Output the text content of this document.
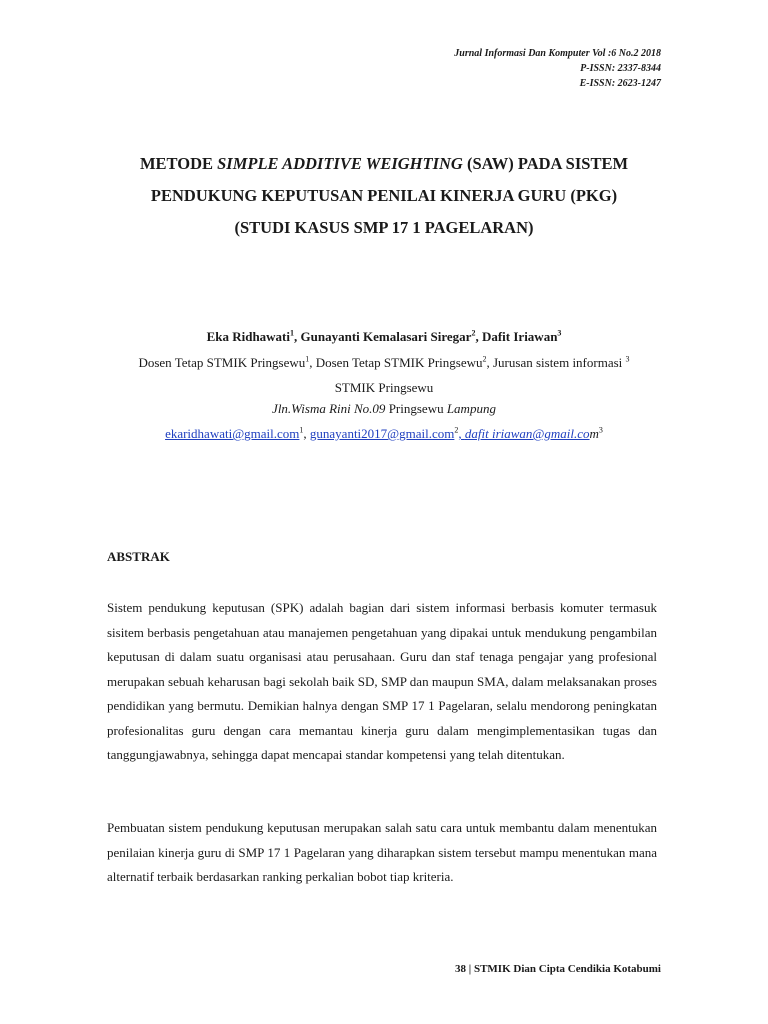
Jurnal Informasi Dan Komputer Vol :6 No.2 2018
P-ISSN: 2337-8344
E-ISSN: 2623-1247
METODE SIMPLE ADDITIVE WEIGHTING (SAW) PADA SISTEM
PENDUKUNG KEPUTUSAN PENILAI KINERJA GURU (PKG)
(STUDI KASUS SMP 17 1 PAGELARAN)
Eka Ridhawati$^1$, Gunayanti Kemalasari Siregar$^2$, Dafit Iriawan$^3$
Dosen Tetap STMIK Pringsewu$^1$, Dosen Tetap STMIK Pringsewu$^2$, Jurusan sistem informasi $^3$
STMIK Pringsewu
Jln.Wisma Rini No.09 Pringsewu Lampung
ekaridhawati@gmail.com$^1$, gunayanti2017@gmail.com$^2$, dafit iriawan@gmail.com$^3$
ABSTRAK
Sistem pendukung keputusan (SPK) adalah bagian dari sistem informasi berbasis komuter termasuk sisitem berbasis pengetahuan atau manajemen pengetahuan yang dipakai untuk mendukung pengambilan keputusan di dalam suatu organisasi atau perusahaan. Guru dan staf tenaga pengajar yang profesional merupakan sebuah keharusan bagi sekolah baik SD, SMP dan maupun SMA, dalam melaksanakan proses pendidikan yang bermutu. Demikian halnya dengan SMP 17 1 Pagelaran, selalu mendorong peningkatan profesionalitas guru dengan cara memantau kinerja guru dalam mengimplementasikan tugas dan tanggungjawabnya, sehingga dapat mencapai standar kompetensi yang telah ditentukan.
Pembuatan sistem pendukung keputusan merupakan salah satu cara untuk membantu dalam menentukan penilaian kinerja guru di SMP 17 1 Pagelaran yang diharapkan sistem tersebut mampu menentukan mana alternatif terbaik berdasarkan ranking perkalian bobot tiap kriteria.
38 | STMIK Dian Cipta Cendikia Kotabumi
